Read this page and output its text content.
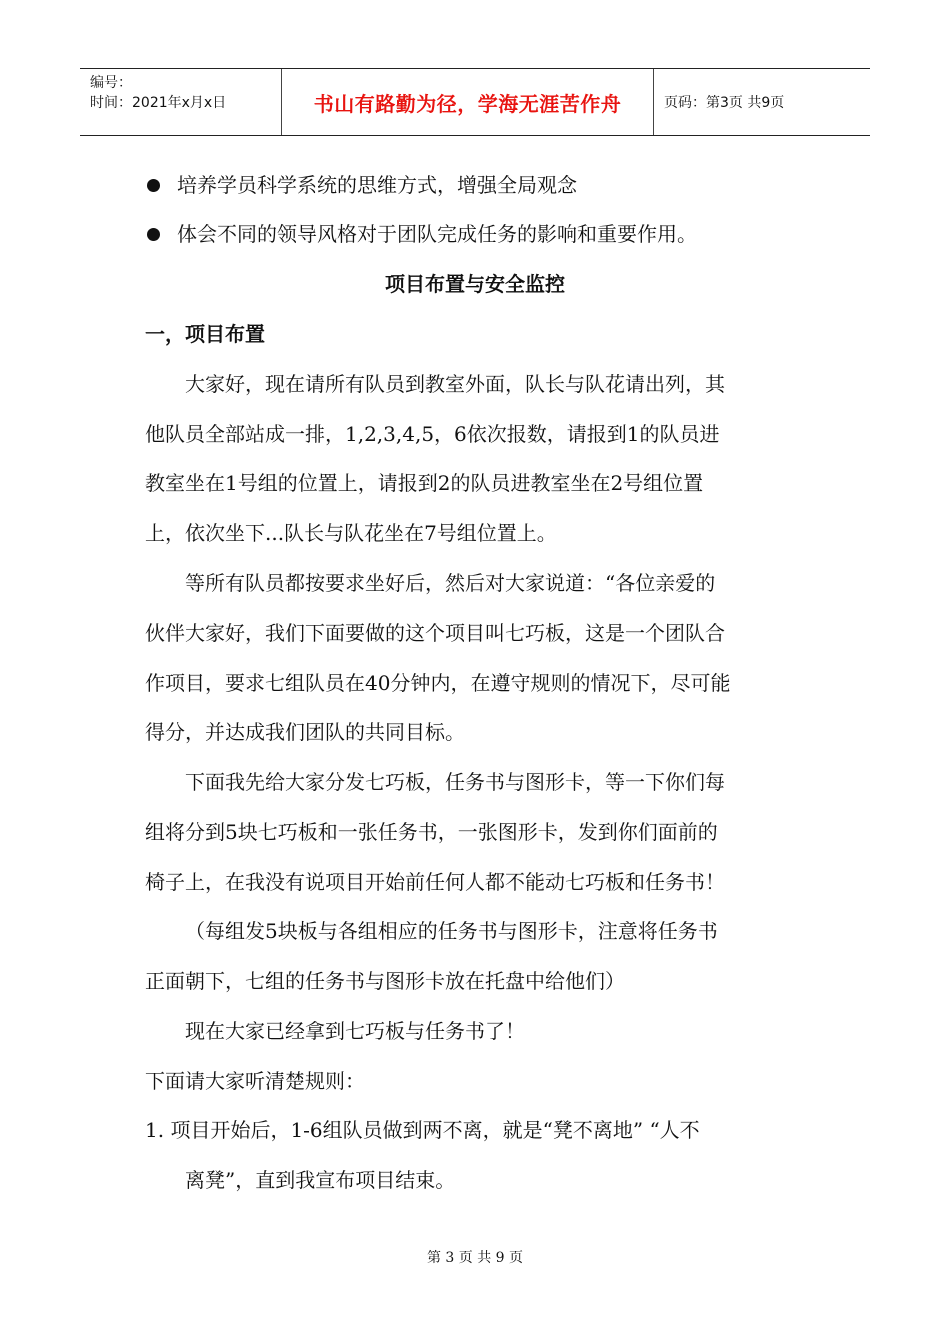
编号：
时间：2021年x月x日	书山有路勤为径，学海无涯苦作舟	页码：第3页 共9页
培养学员科学系统的思维方式，增强全局观念
体会不同的领导风格对于团队完成任务的影响和重要作用。
项目布置与安全监控
一，项目布置
大家好，现在请所有队员到教室外面，队长与队花请出列，其
他队员全部站成一排，1,2,3,4,5，6依次报数，请报到1的队员进
教室坐在1号组的位置上，请报到2的队员进教室坐在2号组位置
上，依次坐下...队长与队花坐在7号组位置上。
等所有队员都按要求坐好后，然后对大家说道：“各位亲爱的
伙伴大家好，我们下面要做的这个项目叫七巧板，这是一个团队合
作项目，要求七组队员在40分钟内，在遵守规则的情况下，尽可能
得分，并达成我们团队的共同目标。
下面我先给大家分发七巧板，任务书与图形卡，等一下你们每
组将分到5块七巧板和一张任务书，一张图形卡，发到你们面前的
椅子上，在我没有说项目开始前任何人都不能动七巧板和任务书！
（每组发5块板与各组相应的任务书与图形卡，注意将任务书
正面朝下，七组的任务书与图形卡放在托盘中给他们）
现在大家已经拿到七巧板与任务书了！
下面请大家听清楚规则：
1. 项目开始后，1-6组队员做到两不离，就是“凳不离地” “人不
离凳”，直到我宣布项目结束。
第 3 页 共 9 页
